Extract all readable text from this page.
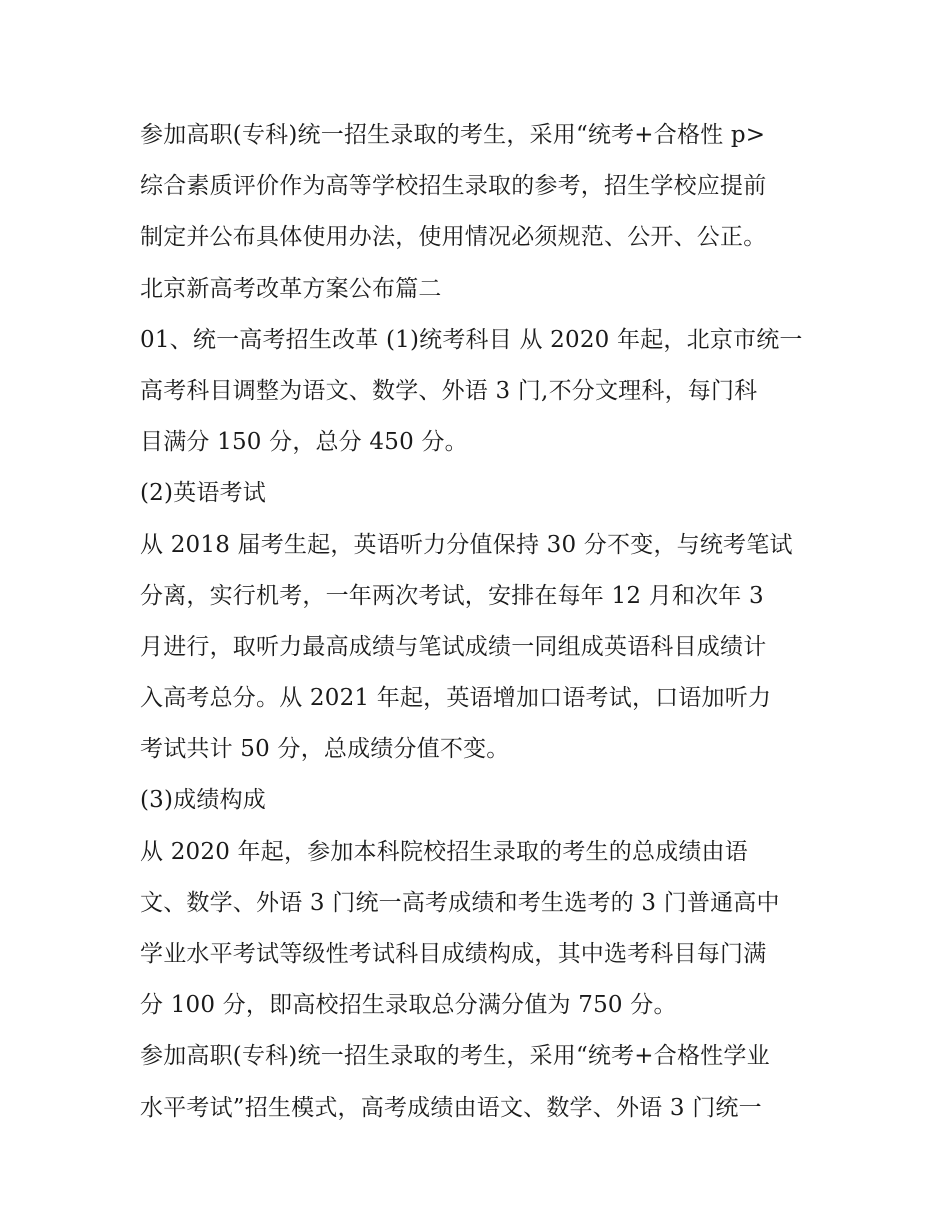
参加高职(专科)统一招生录取的考生，采用“统考+合格性 p>
综合素质评价作为高等学校招生录取的参考，招生学校应提前
制定并公布具体使用办法，使用情况必须规范、公开、公正。
北京新高考改革方案公布篇二
01、统一高考招生改革 (1)统考科目 从 2020 年起，北京市统一
高考科目调整为语文、数学、外语 3 门,不分文理科，每门科
目满分 150 分，总分 450 分。
(2)英语考试
从 2018 届考生起，英语听力分值保持 30 分不变，与统考笔试
分离，实行机考，一年两次考试，安排在每年 12 月和次年 3
月进行，取听力最高成绩与笔试成绩一同组成英语科目成绩计
入高考总分。从 2021 年起，英语增加口语考试，口语加听力
考试共计 50 分，总成绩分值不变。
(3)成绩构成
从 2020 年起，参加本科院校招生录取的考生的总成绩由语
文、数学、外语 3 门统一高考成绩和考生选考的 3 门普通高中
学业水平考试等级性考试科目成绩构成，其中选考科目每门满
分 100 分，即高校招生录取总分满分值为 750 分。
参加高职(专科)统一招生录取的考生，采用“统考+合格性学业
水平考试”招生模式，高考成绩由语文、数学、外语 3 门统一
